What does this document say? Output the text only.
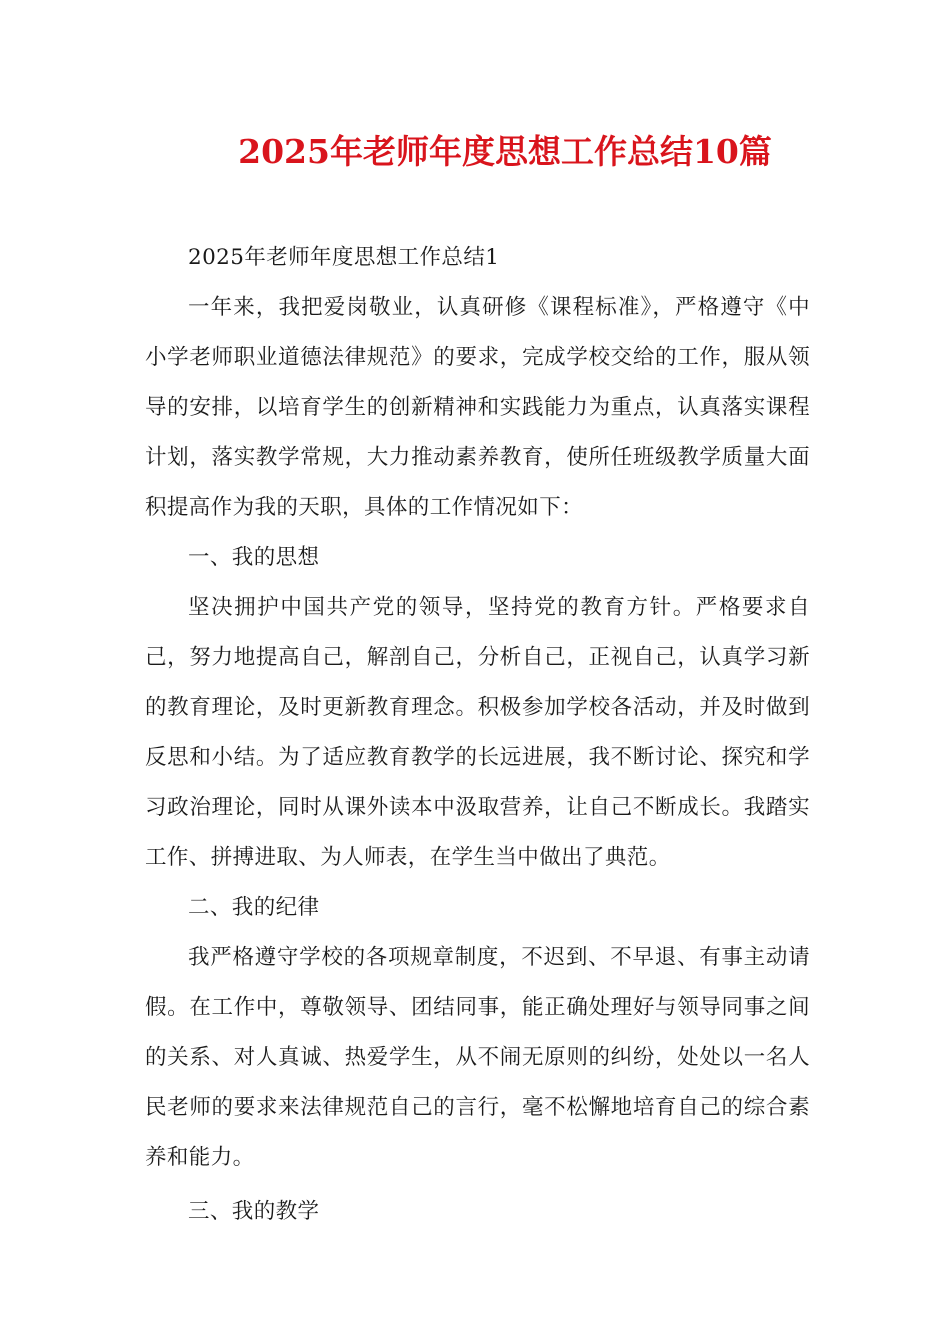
2025年老师年度思想工作总结10篇

2025年老师年度思想工作总结1

一年来，我把爱岗敬业，认真研修《课程标准》，严格遵守《中小学老师职业道德法律规范》的要求，完成学校交给的工作，服从领导的安排，以培育学生的创新精神和实践能力为重点，认真落实课程计划，落实教学常规，大力推动素养教育，使所任班级教学质量大面积提高作为我的天职，具体的工作情况如下：

一、我的思想

坚决拥护中国共产党的领导，坚持党的教育方针。严格要求自己，努力地提高自己，解剖自己，分析自己，正视自己，认真学习新的教育理论，及时更新教育理念。积极参加学校各活动，并及时做到反思和小结。为了适应教育教学的长远进展，我不断讨论、探究和学习政治理论，同时从课外读本中汲取营养，让自己不断成长。我踏实工作、拼搏进取、为人师表，在学生当中做出了典范。

二、我的纪律

我严格遵守学校的各项规章制度，不迟到、不早退、有事主动请假。在工作中，尊敬领导、团结同事，能正确处理好与领导同事之间的关系、对人真诚、热爱学生，从不闹无原则的纠纷，处处以一名人民老师的要求来法律规范自己的言行，毫不松懈地培育自己的综合素养和能力。

三、我的教学
